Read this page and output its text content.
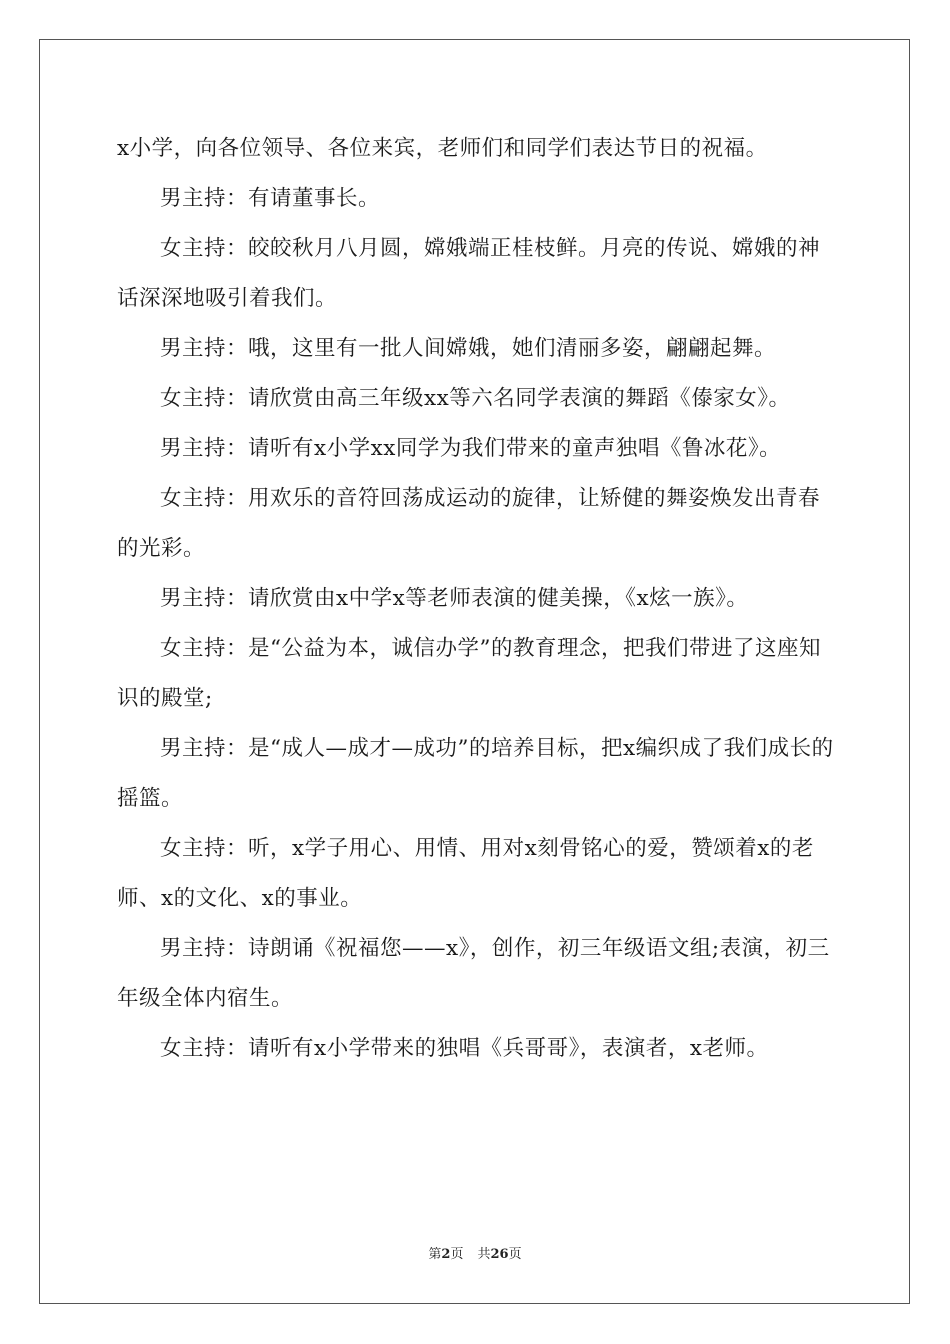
x小学，向各位领导、各位来宾，老师们和同学们表达节日的祝福。

男主持：有请董事长。

女主持：皎皎秋月八月圆，嫦娥端正桂枝鲜。月亮的传说、嫦娥的神话深深地吸引着我们。

男主持：哦，这里有一批人间嫦娥，她们清丽多姿，翩翩起舞。

女主持：请欣赏由高三年级xx等六名同学表演的舞蹈《傣家女》。

男主持：请听有x小学xx同学为我们带来的童声独唱《鲁冰花》。

女主持：用欢乐的音符回荡成运动的旋律，让矫健的舞姿焕发出青春的光彩。

男主持：请欣赏由x中学x等老师表演的健美操，《x炫一族》。

女主持：是“公益为本，诚信办学”的教育理念，把我们带进了这座知识的殿堂;

男主持：是“成人—成才—成功”的培养目标，把x编织成了我们成长的摇篮。

女主持：听，x学子用心、用情、用对x刻骨铭心的爱，赞颂着x的老师、x的文化、x的事业。

男主持：诗朗诵《祝福您——x》，创作，初三年级语文组;表演，初三年级全体内宿生。

女主持：请听有x小学带来的独唱《兵哥哥》，表演者，x老师。

第2页 共26页
